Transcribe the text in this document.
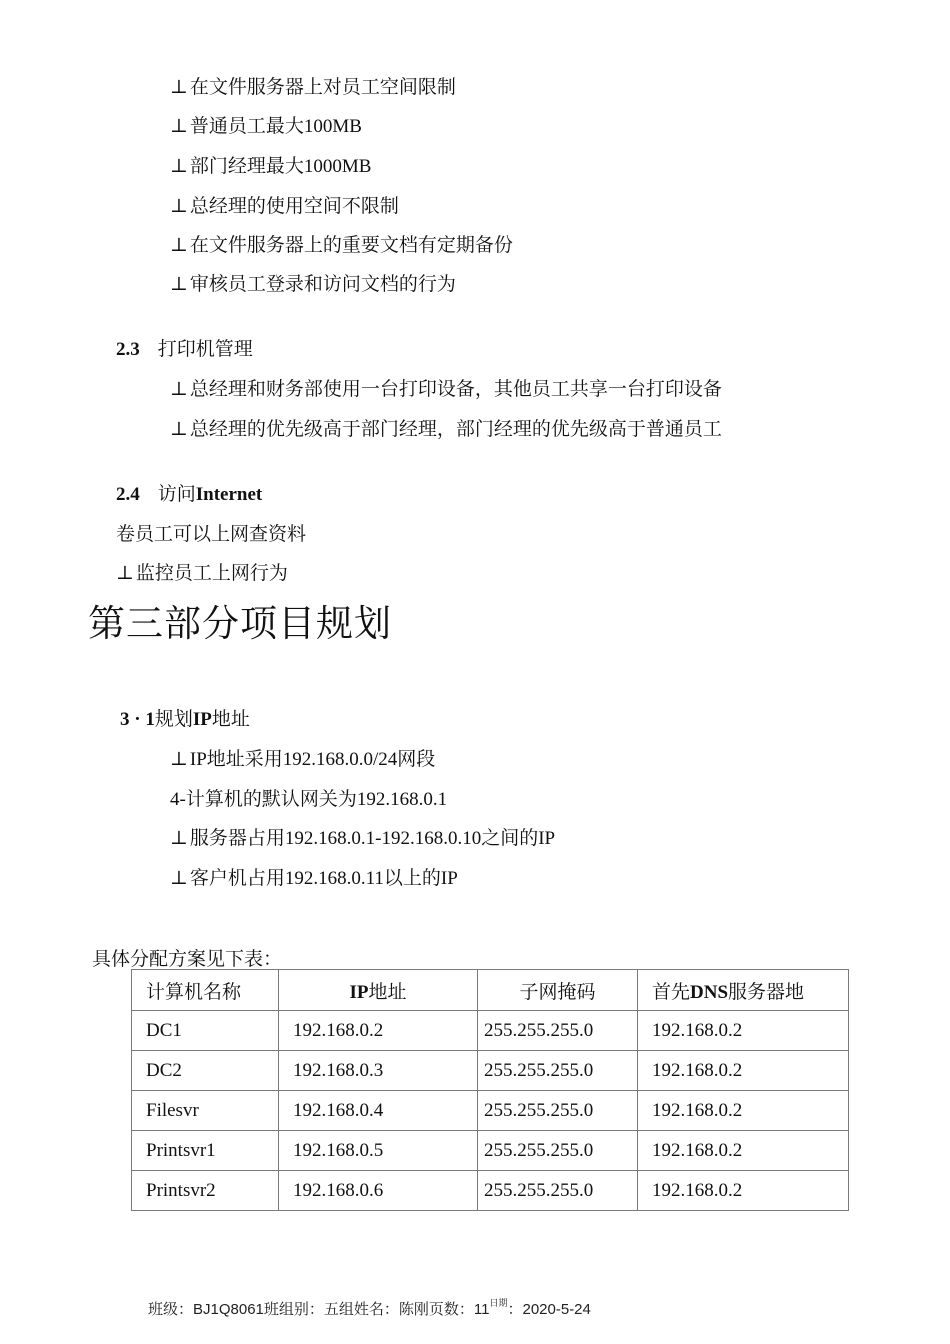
⊥ 在文件服务器上对员工空间限制
⊥ 普通员工最大100MB
⊥ 部门经理最大1000MB
⊥ 总经理的使用空间不限制
⊥ 在文件服务器上的重要文档有定期备份
⊥ 审核员工登录和访问文档的行为
2.3 打印机管理
⊥ 总经理和财务部使用一台打印设备，其他员工共享一台打印设备
⊥ 总经理的优先级高于部门经理，部门经理的优先级高于普通员工
2.4 访问Internet
卷员工可以上网查资料
⊥ 监控员工上网行为
第三部分项目规划
3 · 1规划IP地址
⊥ IP地址采用192.168.0.0/24网段
4-计算机的默认网关为192.168.0.1
⊥ 服务器占用192.168.0.1-192.168.0.10之间的IP
⊥ 客户机占用192.168.0.11以上的IP
具体分配方案见下表：
计算机名称	IP地址	子网掩码	首先DNS服务器地
DC1	192.168.0.2	255.255.255.0	192.168.0.2
DC2	192.168.0.3	255.255.255.0	192.168.0.2
Filesvr	192.168.0.4	255.255.255.0	192.168.0.2
Printsvr1	192.168.0.5	255.255.255.0	192.168.0.2
Printsvr2	192.168.0.6	255.255.255.0	192.168.0.2
班级：BJ1Q8061班组别：五组姓名：陈刚页数：$11^{日期}$：2020-5-24
